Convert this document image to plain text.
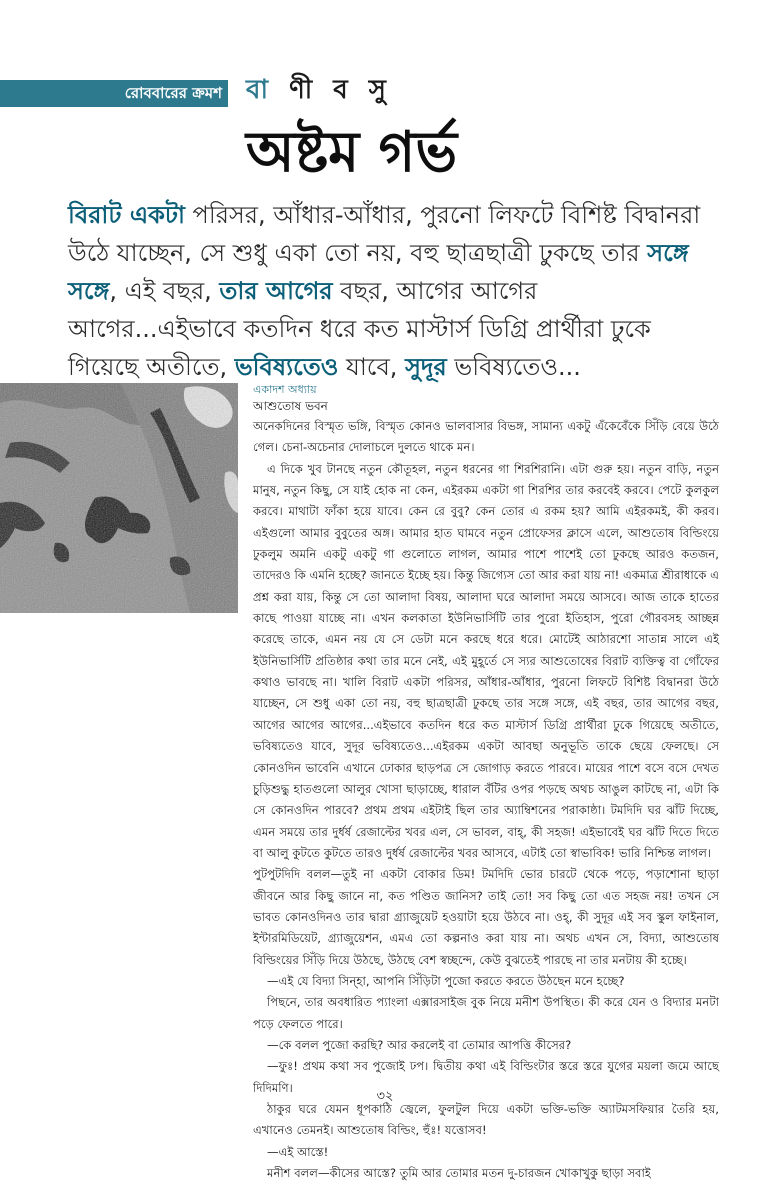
রোববারের ক্রমশ বা ণী ব সু
অষ্টম গর্ভ
বিরাট একটা পরিসর, আঁধার-আঁধার, পুরনো লিফটে বিশিষ্ট বিদ্বানরা উঠে যাচ্ছেন, সে শুধু একা তো নয়, বহু ছাত্রছাত্রী ঢুকছে তার সঙ্গে সঙ্গে, এই বছর, তার আগের বছর, আগের আগের আগের...এইভাবে কতদিন ধরে কত মাস্টার্স ডিগ্রি প্রার্থীরা ঢুকে গিয়েছে অতীতে, ভবিষ্যতেও যাবে, সুদূর ভবিষ্যতেও...
একাদশ অধ্যায়
আশুতোষ ভবন

অনেকদিনের বিস্মৃত ভঙ্গি, বিস্মৃত কোনও ভালবাসার বিভঙ্গ, সামান্য একটু এঁকেবেঁকে সিঁড়ি বেয়ে উঠে গেল। চেনা-অচেনার দোলাচলে দুলতে থাকে মন।

এ দিকে খুব টানছে নতুন কৌতূহল, নতুন ধরনের গা শিরশিরানি। এটা গুরু হয়। নতুন বাড়ি, নতুন মানুষ, নতুন কিছু, সে যাই হোক না কেন, এইরকম একটা গা শিরশির তার করবেই করবে। পেটে কুলকুল করবে। মাথাটা ফাঁকা হয়ে যাবে। কেন রে বুবু? কেন তোর এ রকম হয়? আমি এইরকমই, কী করব। এইগুলো আমার বুবুতের অঙ্গ। আমার হাত ঘামবে নতুন প্রোফেসর ক্লাসে এলে, আশুতোষ বিল্ডিংয়ে ঢুকলুম অমনি একটু একটু গা গুলোতে লাগল, আমার পাশে পাশেই তো ঢুকছে আরও কতজন, তাদেরও কি এমনি হচ্ছে? জানতে ইচ্ছে হয়। কিন্তু জিগ্যেস তো আর করা যায় না! একমাত্র শ্রীরাধাকে এ প্রশ্ন করা যায়, কিন্তু সে তো আলাদা বিষয়, আলাদা ঘরে আলাদা সময়ে আসবে। আজ তাকে হাতের কাছে পাওয়া যাচ্ছে না। এখন কলকাতা ইউনিভার্সিটি তার পুরো ইতিহাস, পুরো গৌরবসহ আচ্ছন্ন করেছে তাকে, এমন নয় যে সে ডেটা মনে করছে ধরে ধরে। মোটেই আঠারশো সাতান্ন সালে এই ইউনিভার্সিটি প্রতিষ্ঠার কথা তার মনে নেই, এই মুহূর্তে সে স্যর আশুতোষের বিরাট ব্যক্তিত্ব বা গোঁফের কথাও ভাবছে না। খালি বিরাট একটা পরিসর, আঁধার-আঁধার, পুরনো লিফটে বিশিষ্ট বিদ্বানরা উঠে যাচ্ছেন, সে শুধু একা তো নয়, বহু ছাত্রছাত্রী ঢুকছে তার সঙ্গে সঙ্গে, এই বছর, তার আগের বছর, আগের আগের আগের...এইভাবে কতদিন ধরে কত মাস্টার্স ডিগ্রি প্রার্থীরা ঢুকে গিয়েছে অতীতে, ভবিষ্যতেও যাবে, সুদূর ভবিষ্যতেও...এইরকম একটা আবছা অনুভূতি তাকে ছেয়ে ফেলছে। সে কোনওদিন ভাবেনি এখানে ঢোকার ছাড়পত্র সে জোগাড় করতে পারবে। মায়ের পাশে বসে বসে দেখত চুড়িশুদ্ধু হাতগুলো আলুর খোসা ছাড়াচ্ছে, ধারাল বঁটির ওপর পড়ছে অথচ আঙুল কাটছে না, এটা কি সে কোনওদিন পারবে? প্রথম প্রথম এইটাই ছিল তার অ্যাম্বিশনের পরাকাষ্ঠা। টমদিদি ঘর ঝাঁট দিচ্ছে, এমন সময়ে তার দুর্ধর্ষ রেজাল্টের খবর এল, সে ভাবল, বাহ্‌, কী সহজ! এইভাবেই ঘর ঝাঁট দিতে দিতে বা আলু কুটতে কুটতে তারও দুর্ধর্ষ রেজাল্টের খবর আসবে, এটাই তো স্বাভাবিক! ভারি নিশ্চিন্ত লাগল।

পুটপুটদিদি বলল—তুই না একটা বোকার ডিম! টমদিদি ভোর চারটে থেকে পড়ে, পড়াশোনা ছাড়া জীবনে আর কিছু জানে না, কত পণ্ডিত জানিস? তাই তো! সব কিছু তো এত সহজ নয়! তখন সে ভাবত কোনওদিনও তার দ্বারা গ্র্যাজুয়েট হওয়াটা হয়ে উঠবে না। ওহ্‌, কী সুদূর এই সব স্কুল ফাইনাল, ইন্টারমিডিয়েট, গ্র্যাজুয়েশন, এমএ তো কল্পনাও করা যায় না। অথচ এখন সে, বিদ্যা, আশুতোষ বিল্ডিংয়ের সিঁড়ি দিয়ে উঠছে, উঠছে বেশ স্বচ্ছন্দে, কেউ বুঝতেই পারছে না তার মনটায় কী হচ্ছে।

—এই যে বিদ্যা সিন্‌হা, আপনি সিঁড়িটা পুজো করতে করতে উঠছেন মনে হচ্ছে?

পিছনে, তার অবধারিত প্যাংলা এক্সারসাইজ বুক নিয়ে মনীশ উপস্থিত। কী করে যেন ও বিদ্যার মনটা পড়ে ফেলতে পারে।

—কে বলল পুজো করছি? আর করলেই বা তোমার আপত্তি কীসের?

—ফুঃ! প্রথম কথা সব পুজোই ঢপ। দ্বিতীয় কথা এই বিল্ডিংটার স্তরে স্তরে যুগের ময়লা জমে আছে দিদিমণি।

ঠাকুর ঘরে যেমন ধূপকাঠি জ্বেলে, ফুলটুল দিয়ে একটা ভক্তি-ভক্তি অ্যাটমসফিয়ার তৈরি হয়, এখানেও তেমনই। আশুতোষ বিল্ডিং, হুঁঃ! যত্তোসব!

—এই আস্তে!

মনীশ বলল—কীসের আস্তে? তুমি আর তোমার মতন দু-চারজন খোকাখুকু ছাড়া সবাই

৩২
